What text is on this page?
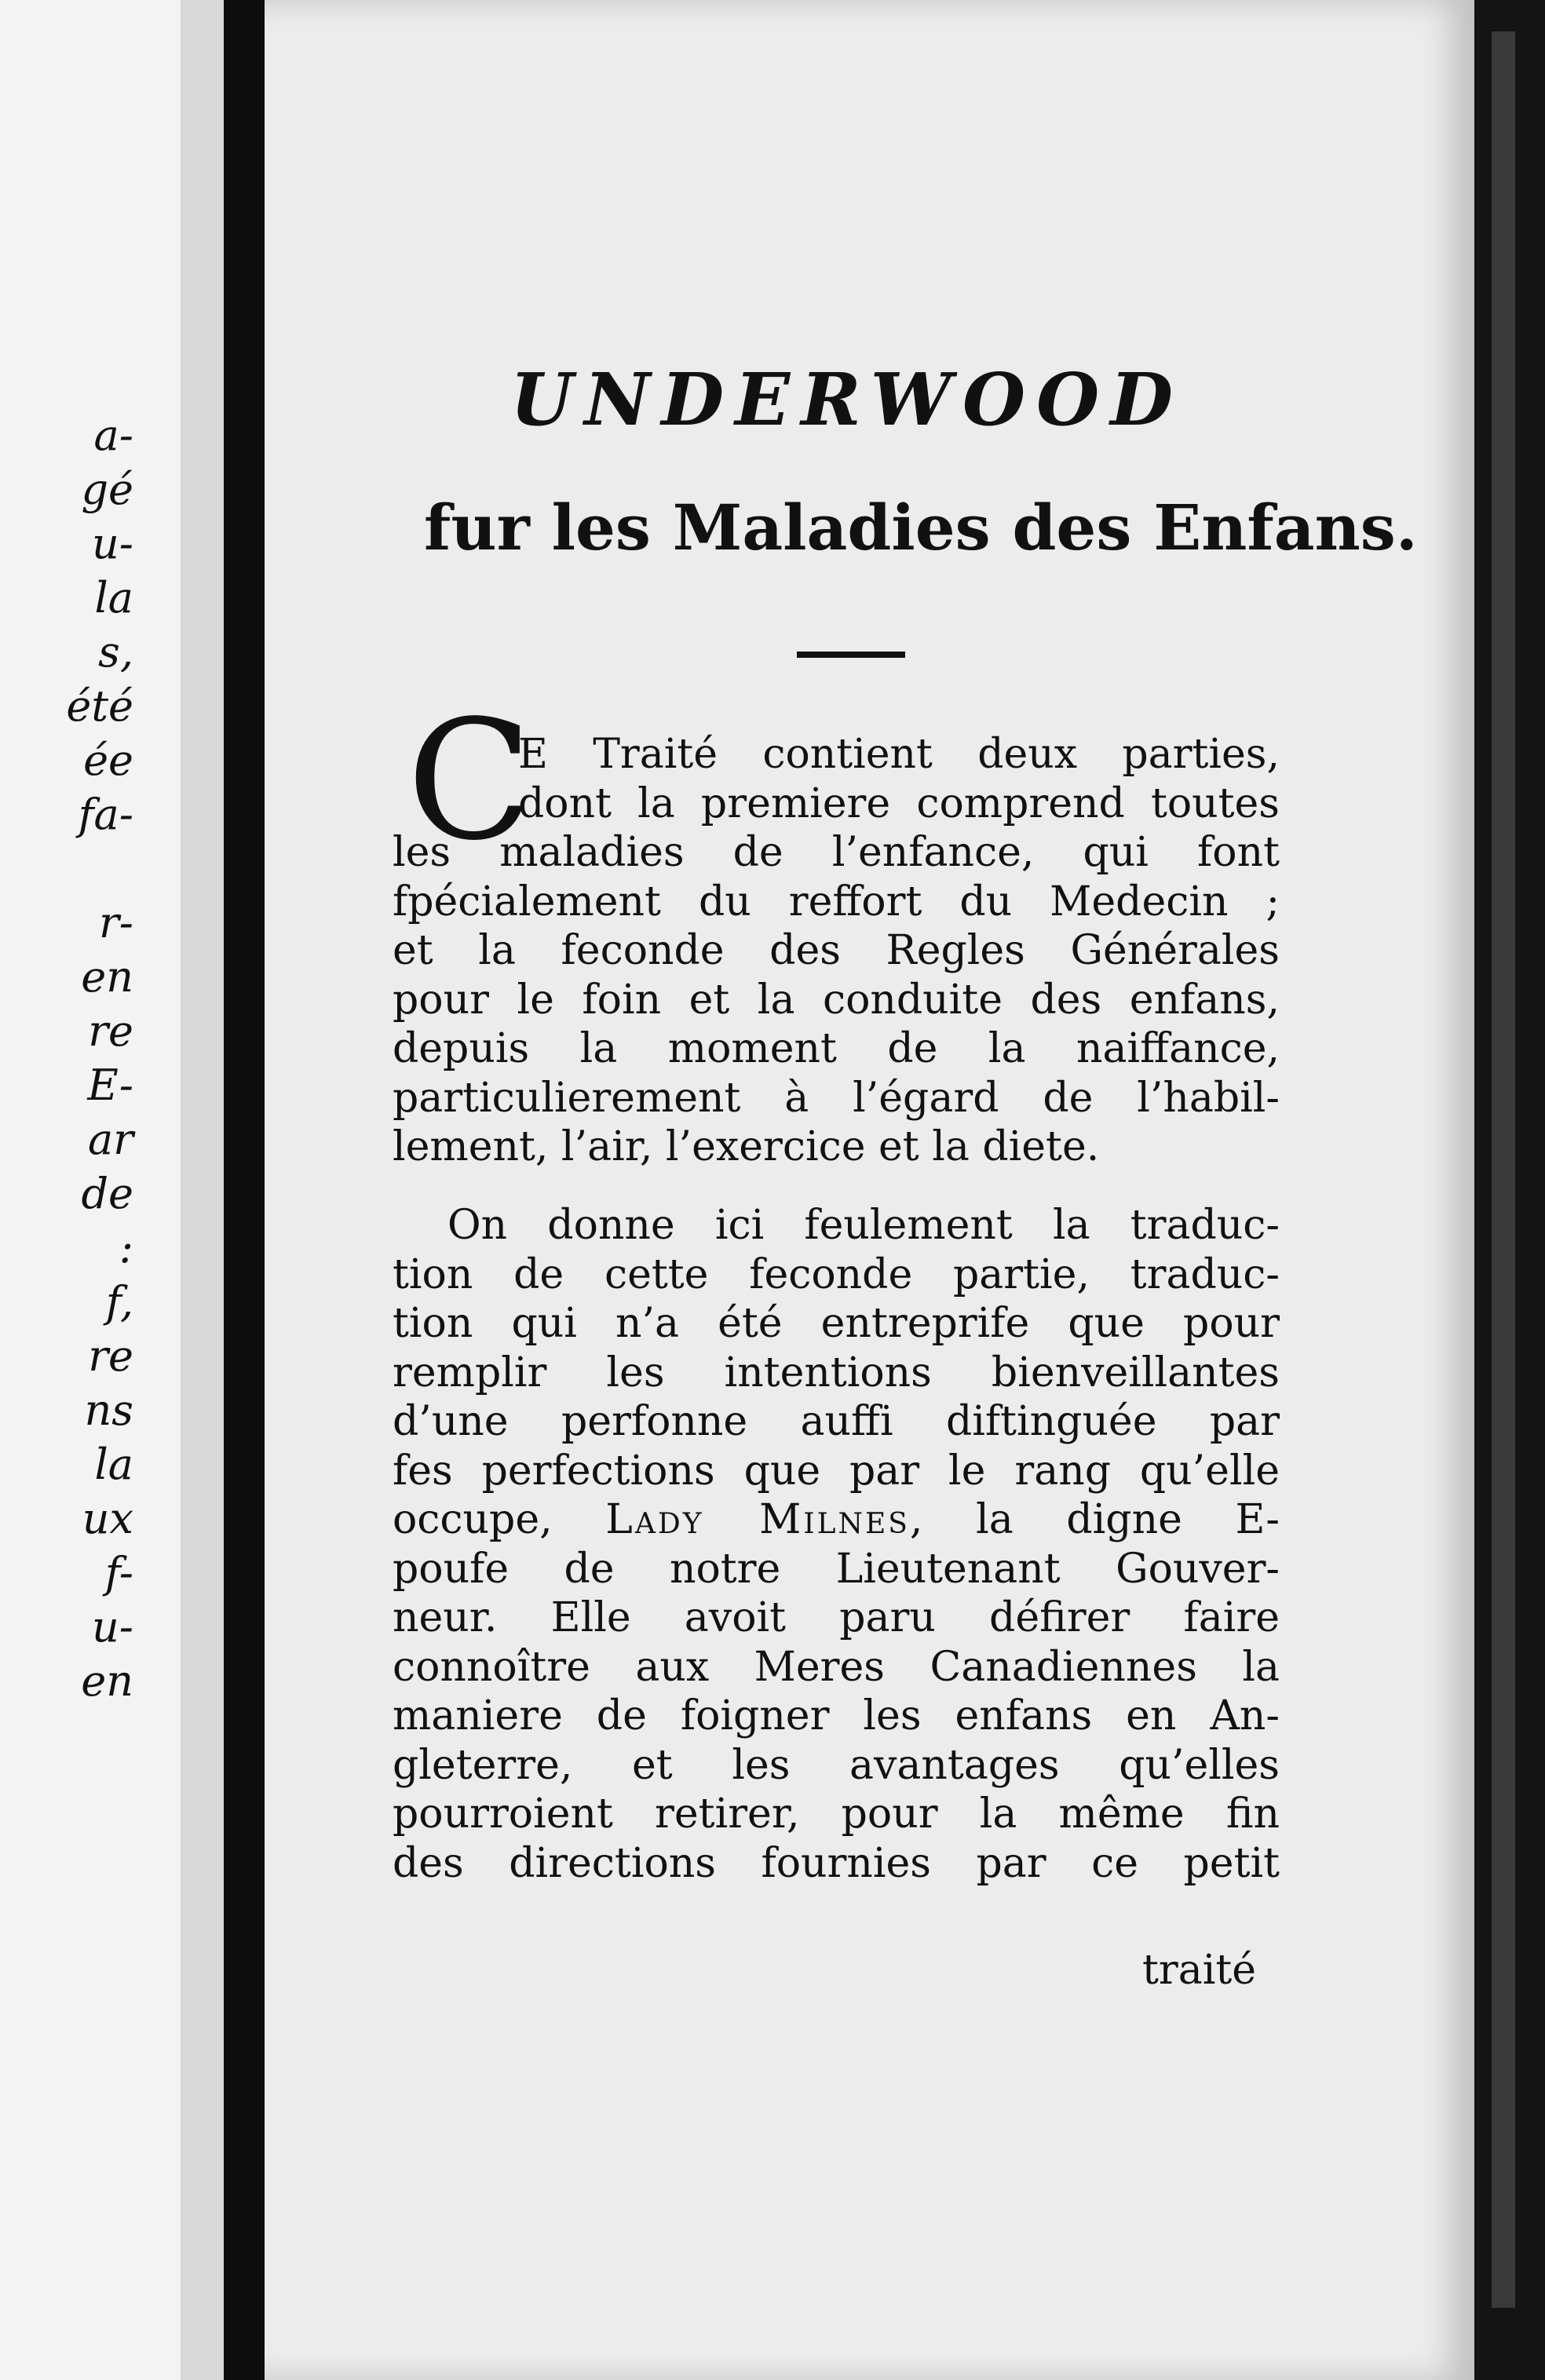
a-
gé
u-
la
s,
été
ée
fa-

r-
en
re
E-
ar
de
:
f,
re
ns
la
ux
f-
u-
en
UNDERWOOD
fur les Maladies des Enfans.
C
E Traité contient deux parties,
dont la premiere comprend toutes
les maladies de l’enfance, qui font
fpécialement du reffort du Medecin ;
et la feconde des Regles Générales
pour le foin et la conduite des enfans,
depuis la moment de la naiffance,
particulierement à l’égard de l’habil-
lement, l’air, l’exercice et la diete.
On donne ici feulement la traduc-
tion de cette feconde partie, traduc-
tion qui n’a été entreprife que pour
remplir les intentions bienveillantes
d’une perfonne auffi diftinguée par
fes perfections que par le rang qu’elle
occupe, Lady Milnes, la digne E-
poufe de notre Lieutenant Gouver-
neur. Elle avoit paru défirer faire
connoître aux Meres Canadiennes la
maniere de foigner les enfans en An-
gleterre, et les avantages qu’elles
pourroient retirer, pour la même fin
des directions fournies par ce petit
traité
